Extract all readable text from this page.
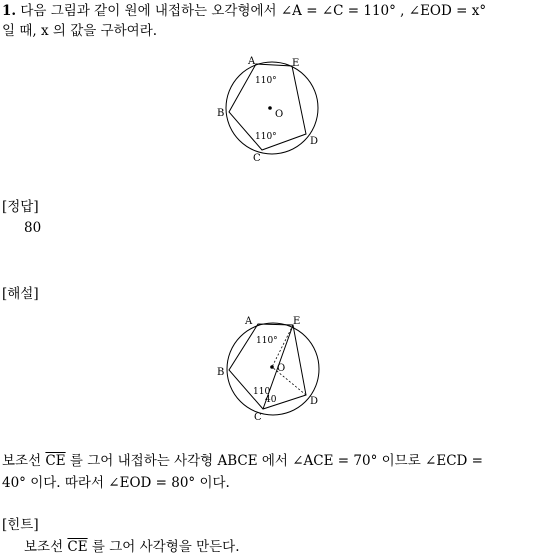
1. 다음 그림과 같이 원에 내접하는 오각형에서 ∠A = ∠C = 110° , ∠EOD = x°
일 때, x 의 값을 구하여라.
A	E
B
C
D
O
110°
110°
[정답]
80
[해설]
A	E
B
C
D
O
110°
110
40
보조선 $\overline{CE}$ 를 그어 내접하는 사각형 ABCE 에서 ∠ACE = 70° 이므로 ∠ECD =
40° 이다. 따라서 ∠EOD = 80° 이다.
[힌트]
보조선 $\overline{CE}$ 를 그어 사각형을 만든다.
